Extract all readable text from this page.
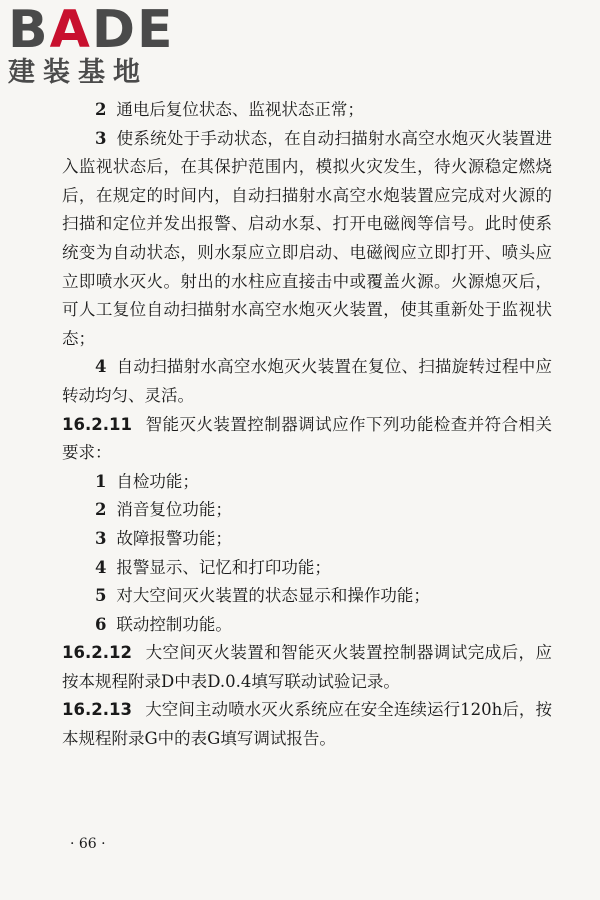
BADE
建装基地

2 通电后复位状态、监视状态正常；

3 使系统处于手动状态，在自动扫描射水高空水炮灭火装置进入监视状态后，在其保护范围内，模拟火灾发生，待火源稳定燃烧后，在规定的时间内，自动扫描射水高空水炮装置应完成对火源的扫描和定位并发出报警、启动水泵、打开电磁阀等信号。此时使系统变为自动状态，则水泵应立即启动、电磁阀应立即打开、喷头应立即喷水灭火。射出的水柱应直接击中或覆盖火源。火源熄灭后，可人工复位自动扫描射水高空水炮灭火装置，使其重新处于监视状态；

4 自动扫描射水高空水炮灭火装置在复位、扫描旋转过程中应转动均匀、灵活。

16.2.11 智能灭火装置控制器调试应作下列功能检查并符合相关要求：

1 自检功能；

2 消音复位功能；

3 故障报警功能；

4 报警显示、记忆和打印功能；

5 对大空间灭火装置的状态显示和操作功能；

6 联动控制功能。

16.2.12 大空间灭火装置和智能灭火装置控制器调试完成后，应按本规程附录D中表D.0.4填写联动试验记录。

16.2.13 大空间主动喷水灭火系统应在安全连续运行120h后，按本规程附录G中的表G填写调试报告。

· 66 ·
